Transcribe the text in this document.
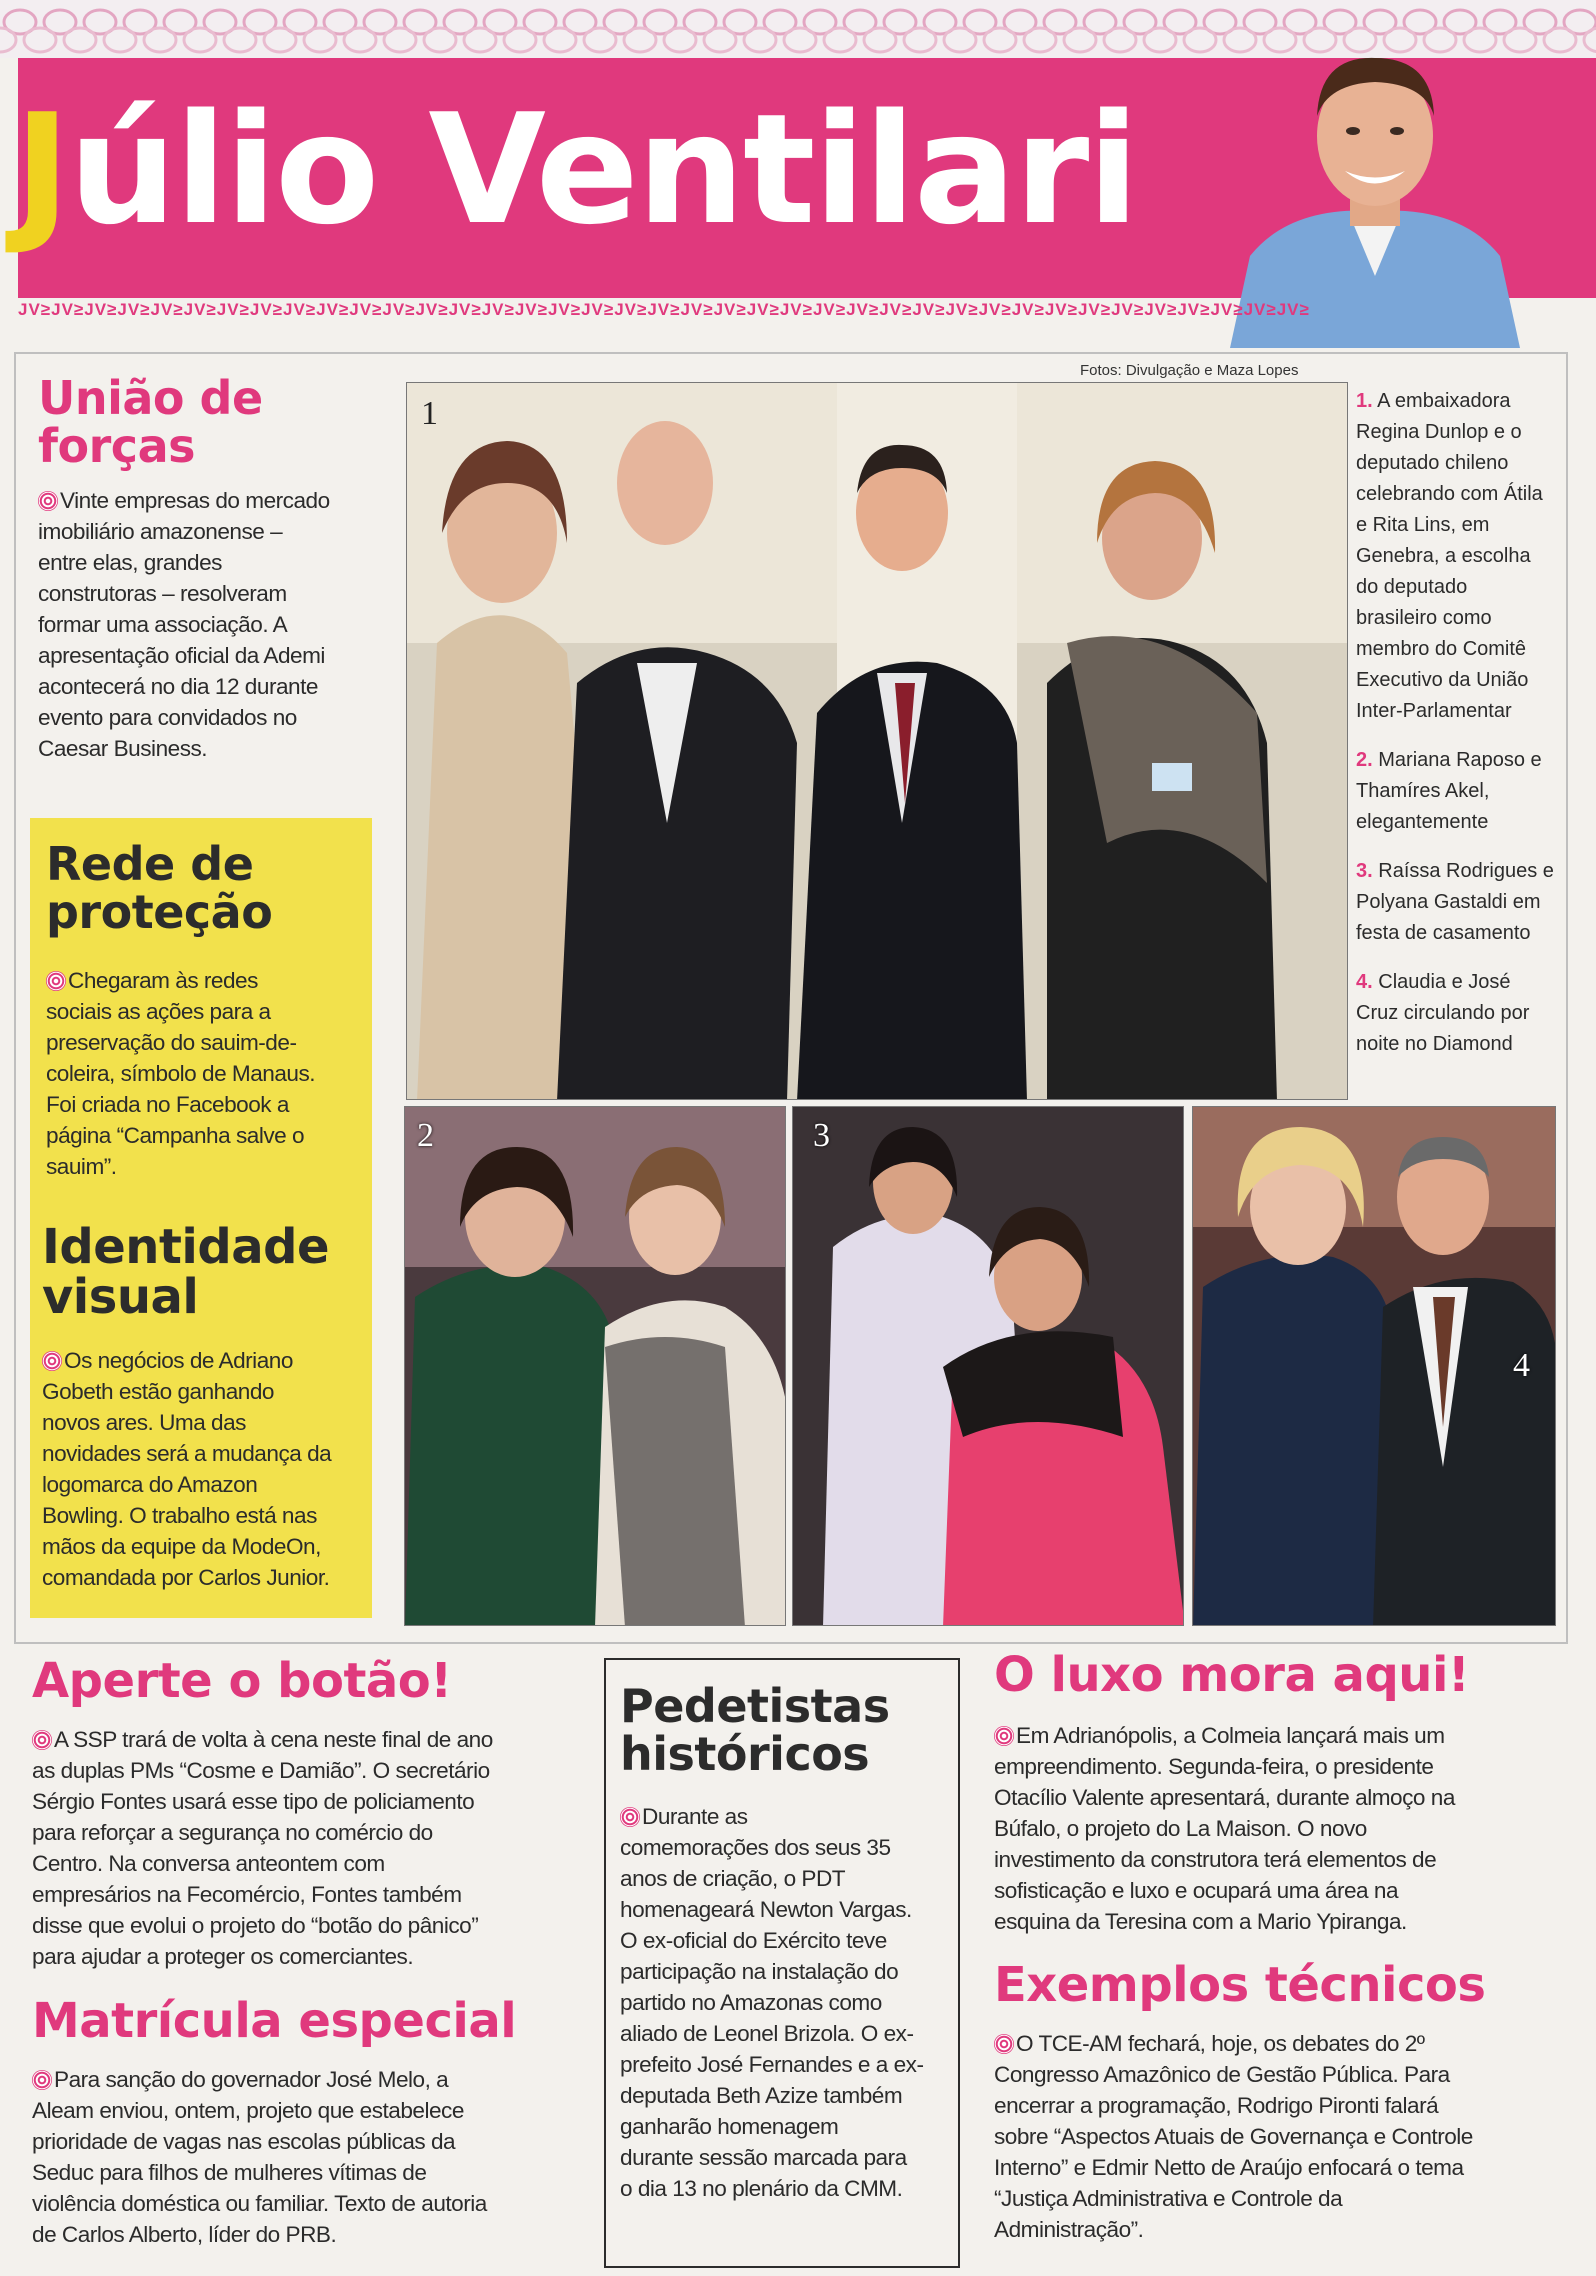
Júlio Ventilari
JV≥JV≥JV≥JV≥JV≥JV≥JV≥JV≥JV≥JV≥JV≥JV≥JV≥JV≥JV≥JV≥JV≥JV≥JV≥JV≥JV≥JV≥JV≥JV≥JV≥JV≥JV≥JV≥JV≥JV≥JV≥JV≥JV≥JV≥JV≥JV≥JV≥JV≥JV≥
Fotos: Divulgação e Maza Lopes
União de
forças
Vinte empresas do mercado
imobiliário amazonense –
entre elas, grandes
construtoras – resolveram
formar uma associação. A
apresentação oficial da Ademi
acontecerá no dia 12 durante
evento para convidados no
Caesar Business.
Rede de
proteção
Chegaram às redes
sociais as ações para a
preservação do sauim-de-
coleira, símbolo de Manaus.
Foi criada no Facebook a
página “Campanha salve o
sauim”.
Identidade
visual
Os negócios de Adriano
Gobeth estão ganhando
novos ares. Uma das
novidades será a mudança da
logomarca do Amazon
Bowling. O trabalho está nas
mãos da equipe da ModeOn,
comandada por Carlos Junior.
1
2	3
4
1. A embaixadora
Regina Dunlop e o
deputado chileno
celebrando com Átila
e Rita Lins, em
Genebra, a escolha
do deputado
brasileiro como
membro do Comitê
Executivo da União
Inter-Parlamentar
2. Mariana Raposo e
Thamíres Akel,
elegantemente
3. Raíssa Rodrigues e
Polyana Gastaldi em
festa de casamento
4. Claudia e José
Cruz circulando por
noite no Diamond
Aperte o botão!
A SSP trará de volta à cena neste final de ano
as duplas PMs “Cosme e Damião”. O secretário
Sérgio Fontes usará esse tipo de policiamento
para reforçar a segurança no comércio do
Centro. Na conversa anteontem com
empresários na Fecomércio, Fontes também
disse que evolui o projeto do “botão do pânico”
para ajudar a proteger os comerciantes.
Matrícula especial
Para sanção do governador José Melo, a
Aleam enviou, ontem, projeto que estabelece
prioridade de vagas nas escolas públicas da
Seduc para filhos de mulheres vítimas de
violência doméstica ou familiar. Texto de autoria
de Carlos Alberto, líder do PRB.
Pedetistas
históricos
Durante as
comemorações dos seus 35
anos de criação, o PDT
homenageará Newton Vargas.
O ex-oficial do Exército teve
participação na instalação do
partido no Amazonas como
aliado de Leonel Brizola. O ex-
prefeito José Fernandes e a ex-
deputada Beth Azize também
ganharão homenagem
durante sessão marcada para
o dia 13 no plenário da CMM.
O luxo mora aqui!
Em Adrianópolis, a Colmeia lançará mais um
empreendimento. Segunda-feira, o presidente
Otacílio Valente apresentará, durante almoço na
Búfalo, o projeto do La Maison. O novo
investimento da construtora terá elementos de
sofisticação e luxo e ocupará uma área na
esquina da Teresina com a Mario Ypiranga.
Exemplos técnicos
O TCE-AM fechará, hoje, os debates do 2º
Congresso Amazônico de Gestão Pública. Para
encerrar a programação, Rodrigo Pironti falará
sobre “Aspectos Atuais de Governança e Controle
Interno” e Edmir Netto de Araújo enfocará o tema
“Justiça Administrativa e Controle da
Administração”.
